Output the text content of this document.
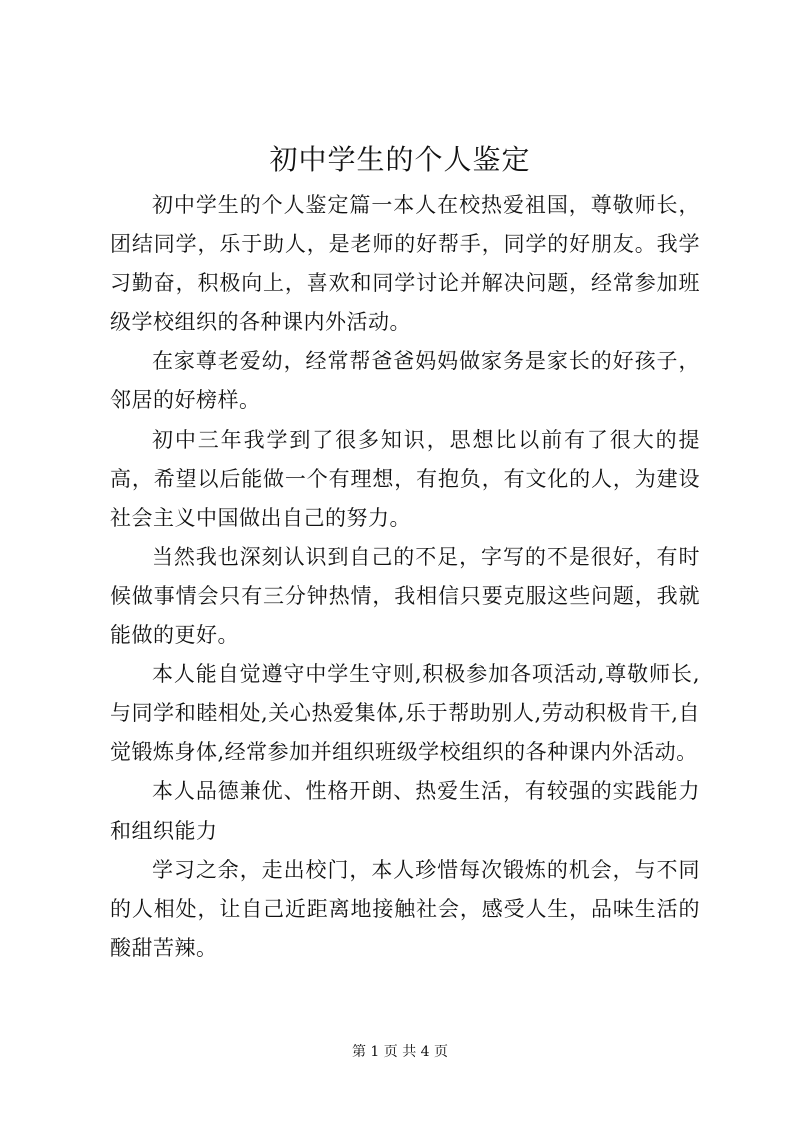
初中学生的个人鉴定

初中学生的个人鉴定篇一本人在校热爱祖国，尊敬师长，团结同学，乐于助人，是老师的好帮手，同学的好朋友。我学习勤奋，积极向上，喜欢和同学讨论并解决问题，经常参加班级学校组织的各种课内外活动。

在家尊老爱幼，经常帮爸爸妈妈做家务是家长的好孩子，邻居的好榜样。

初中三年我学到了很多知识，思想比以前有了很大的提高，希望以后能做一个有理想，有抱负，有文化的人，为建设社会主义中国做出自己的努力。

当然我也深刻认识到自己的不足，字写的不是很好，有时候做事情会只有三分钟热情，我相信只要克服这些问题，我就能做的更好。

本人能自觉遵守中学生守则,积极参加各项活动,尊敬师长,与同学和睦相处,关心热爱集体,乐于帮助别人,劳动积极肯干,自觉锻炼身体,经常参加并组织班级学校组织的各种课内外活动。

本人品德兼优、性格开朗、热爱生活，有较强的实践能力和组织能力

学习之余，走出校门，本人珍惜每次锻炼的机会，与不同的人相处，让自己近距离地接触社会，感受人生，品味生活的酸甜苦辣。

第 1 页 共 4 页
